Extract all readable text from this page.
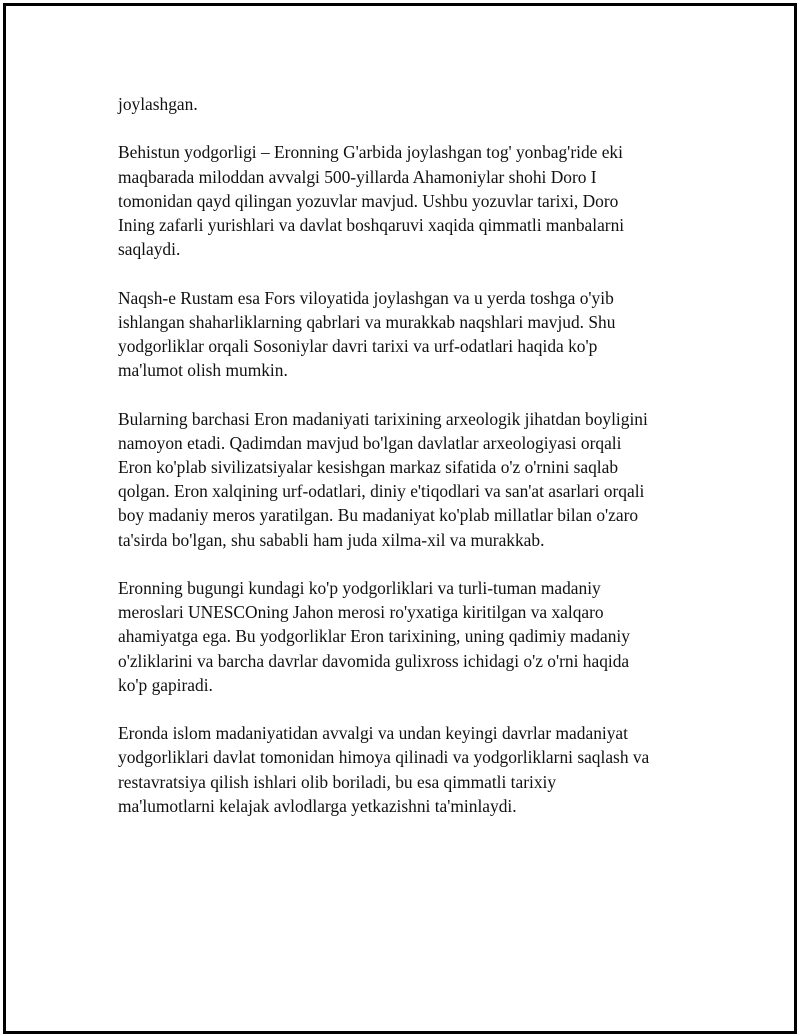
joylashgan.

Behistun yodgorligi – Eronning G'arbida joylashgan tog' yonbag'ride eki
maqbarada miloddan avvalgi 500-yillarda Ahamoniylar shohi Doro I
tomonidan qayd qilingan yozuvlar mavjud. Ushbu yozuvlar tarixi, Doro
Ining zafarli yurishlari va davlat boshqaruvi xaqida qimmatli manbalarni
saqlaydi.

Naqsh-e Rustam esa Fors viloyatida joylashgan va u yerda toshga o'yib
ishlangan shaharliklarning qabrlari va murakkab naqshlari mavjud. Shu
yodgorliklar orqali Sosoniylar davri tarixi va urf-odatlari haqida ko'p
ma'lumot olish mumkin.

Bularning barchasi Eron madaniyati tarixining arxeologik jihatdan boyligini
namoyon etadi. Qadimdan mavjud bo'lgan davlatlar arxeologiyasi orqali
Eron ko'plab sivilizatsiyalar kesishgan markaz sifatida o'z o'rnini saqlab
qolgan. Eron xalqining urf-odatlari, diniy e'tiqodlari va san'at asarlari orqali
boy madaniy meros yaratilgan. Bu madaniyat ko'plab millatlar bilan o'zaro
ta'sirda bo'lgan, shu sababli ham juda xilma-xil va murakkab.

Eronning bugungi kundagi ko'p yodgorliklari va turli-tuman madaniy
meroslari UNESCOning Jahon merosi ro'yxatiga kiritilgan va xalqaro
ahamiyatga ega. Bu yodgorliklar Eron tarixining, uning qadimiy madaniy
o'zliklarini va barcha davrlar davomida gulixross ichidagi o'z o'rni haqida
ko'p gapiradi.

Eronda islom madaniyatidan avvalgi va undan keyingi davrlar madaniyat
yodgorliklari davlat tomonidan himoya qilinadi va yodgorliklarni saqlash va
restavratsiya qilish ishlari olib boriladi, bu esa qimmatli tarixiy
ma'lumotlarni kelajak avlodlarga yetkazishni ta'minlaydi.
